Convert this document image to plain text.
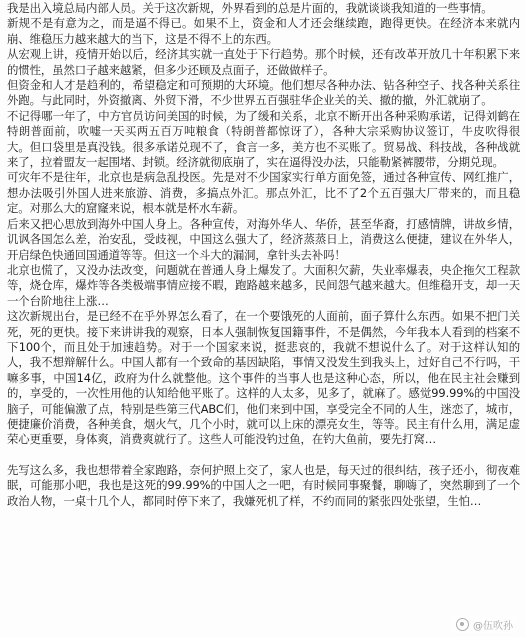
我是出入境总局内部人员。关于这次新规，外界看到的总是片面的，我就谈谈我知道的一些事情。

新规不是有意为之，而是逼不得已。如果不上，资金和人才还会继续跑，跑得更快。在经济本来就内崩、维稳压力越来越大的当下，这是不得不上的东西。

从宏观上讲，疫情开始以后，经济其实就一直处于下行趋势。那个时候，还有改革开放几十年积累下来的惯性，虽然口子越来越紧，但多少还顾及点面子，还做做样子。

但资金和人才是趋利的，希望稳定和可预期的大环境。他们想尽各种办法、钻各种空子、找各种关系往外跑。与此同时，外资撤离、外贸下滑，不少世界五百强驻华企业关的关、撤的撤，外汇就崩了。

不记得哪一年了，中方官员访问美国的时候，为了缓和关系，北京不断开出各种采购承诺，记得刘鹤在特朗普面前，吹嘘一天买两五百万吨粮食（特朗普都惊讶了），各种大宗采购协议签订，牛皮吹得很大。但口袋里是真没钱。很多承诺兑现不了，食言一多，美方也不买账了。贸易战、科技战，各种战就来了，拉着盟友一起围堵、封锁。经济就彻底崩了，实在逼得没办法，只能勒紧裤腰带，分期兑现。

可灾年不是往年，北京也是病急乱投医。先是对不少国家实行单方面免签，通过各种宣传、网红推广，想办法吸引外国人进来旅游、消费，多搞点外汇。那点外汇，比不了2个五百强大厂带来的，而且稳定。对那么大的窟窿来说，根本就是杯水车薪。

后来又把心思放到海外中国人身上。各种宣传，对海外华人、华侨，甚至华裔，打感情牌，讲故乡情，讥讽各国怎么差，治安乱，受歧视，中国这么强大了，经济蒸蒸日上，消费这么便捷，建议在外华人，开启绿色快通回国通道等等。但这一个斗大的漏洞，拿针头去补吗！

北京也慌了，又没办法改变，问题就在普通人身上爆发了。大面积欠薪，失业率爆表，央企拖欠工程款等，烧仓库，爆炸等各类极端事情应接不暇，跑路越来越多，民间怨气越来越大。但维稳开支，却一天一个台阶地往上涨…

这次新规出台，是已经不在乎外界怎么看了，在一个要饿死的人面前，面子算什么东西。如果不把门关死，死的更快。接下来讲讲我的观察，日本人强制恢复国籍事件，不是偶然，今年我本人看到的档案不下100个，而且处于加速趋势。对于一个国家来说，挺悲哀的，我就不想说什么了。对于这样认知的人，我不想辩解什么。中国人都有一个致命的基因缺陷，事情又没发生到我头上，过好自己不行吗，干嘛多事，中国14亿，政府为什么就整他。这个事件的当事人也是这种心态，所以，他在民主社会赚到的，享受的，一次性用他的认知给他平账了。这样的人太多，见多了，就麻了。感觉99.99%的中国没脑子，可能偏激了点，特别是些第三代ABC们，他们来到中国，享受完全不同的人生，迷恋了，城市，便捷廉价消费，各种美食，烟火气，几个小时，就可以上床的漂亮女生，等等。民主有什么用，满足虚荣心更重要，身体爽，消费爽就行了。这些人可能没钓过鱼，在钓大鱼前，要先打窝…

先写这么多，我也想带着全家跑路，奈何护照上交了，家人也是，每天过的很纠结，孩子还小，彻夜难眠，可能那小吧，我也是这死的99.99%的中国人之一吧，有时候同事聚餐，聊嗨了，突然聊到了一个政治人物，一桌十几个人，都同时停下来了，我嫌死机了样，不约而同的紧张四处张望，生怕…

@伍吹孙
